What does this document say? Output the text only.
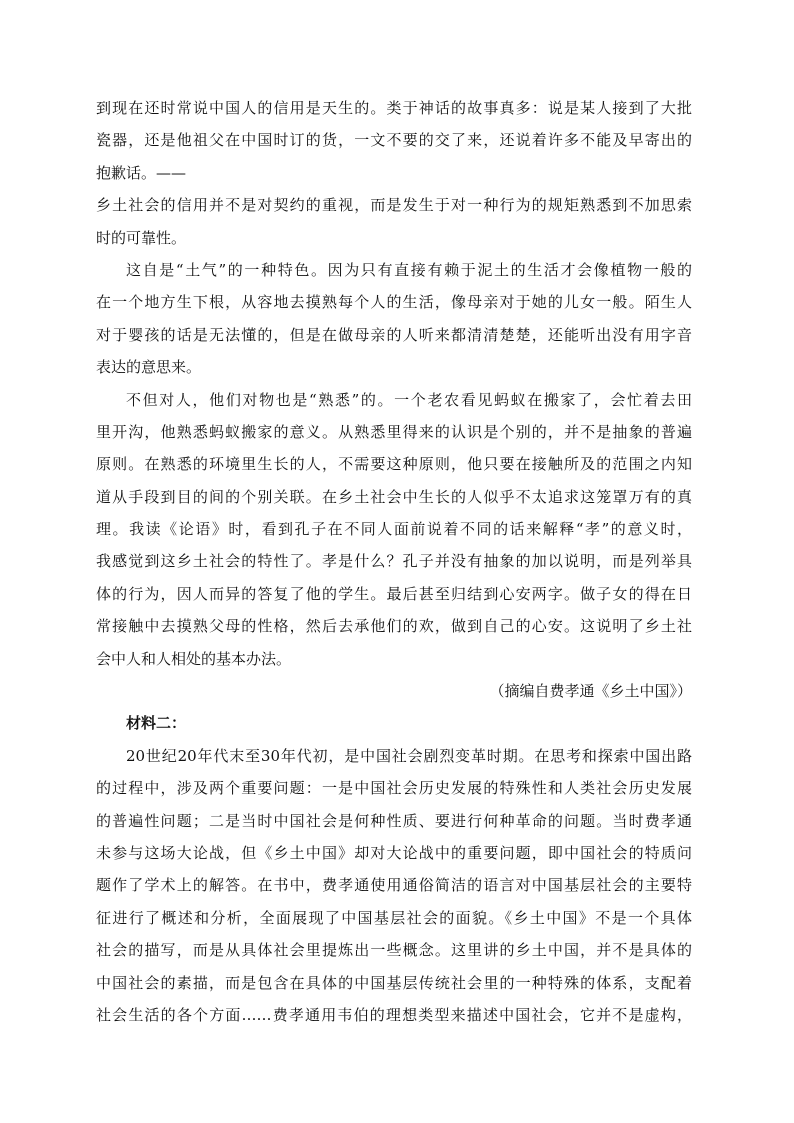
到现在还时常说中国人的信用是天生的。类于神话的故事真多：说是某人接到了大批
瓷器，还是他祖父在中国时订的货，一文不要的交了来，还说着许多不能及早寄出的
抱歉话。——
乡土社会的信用并不是对契约的重视，而是发生于对一种行为的规矩熟悉到不加思索
时的可靠性。
这自是“土气”的一种特色。因为只有直接有赖于泥土的生活才会像植物一般的
在一个地方生下根，从容地去摸熟每个人的生活，像母亲对于她的儿女一般。陌生人
对于婴孩的话是无法懂的，但是在做母亲的人听来都清清楚楚，还能听出没有用字音
表达的意思来。
不但对人，他们对物也是“熟悉”的。一个老农看见蚂蚁在搬家了，会忙着去田
里开沟，他熟悉蚂蚁搬家的意义。从熟悉里得来的认识是个别的，并不是抽象的普遍
原则。在熟悉的环境里生长的人，不需要这种原则，他只要在接触所及的范围之内知
道从手段到目的间的个别关联。在乡土社会中生长的人似乎不太追求这笼罩万有的真
理。我读《论语》时，看到孔子在不同人面前说着不同的话来解释“孝”的意义时，
我感觉到这乡土社会的特性了。孝是什么？孔子并没有抽象的加以说明，而是列举具
体的行为，因人而异的答复了他的学生。最后甚至归结到心安两字。做子女的得在日
常接触中去摸熟父母的性格，然后去承他们的欢，做到自己的心安。这说明了乡土社
会中人和人相处的基本办法。
（摘编自费孝通《乡土中国》）
材料二：
20世纪20年代末至30年代初，是中国社会剧烈变革时期。在思考和探索中国出路
的过程中，涉及两个重要问题：一是中国社会历史发展的特殊性和人类社会历史发展
的普遍性问题；二是当时中国社会是何种性质、要进行何种革命的问题。当时费孝通
未参与这场大论战，但《乡土中国》却对大论战中的重要问题，即中国社会的特质问
题作了学术上的解答。在书中，费孝通使用通俗简洁的语言对中国基层社会的主要特
征进行了概述和分析，全面展现了中国基层社会的面貌。《乡土中国》不是一个具体
社会的描写，而是从具体社会里提炼出一些概念。这里讲的乡土中国，并不是具体的
中国社会的素描，而是包含在具体的中国基层传统社会里的一种特殊的体系，支配着
社会生活的各个方面……费孝通用韦伯的理想类型来描述中国社会，它并不是虚构，
